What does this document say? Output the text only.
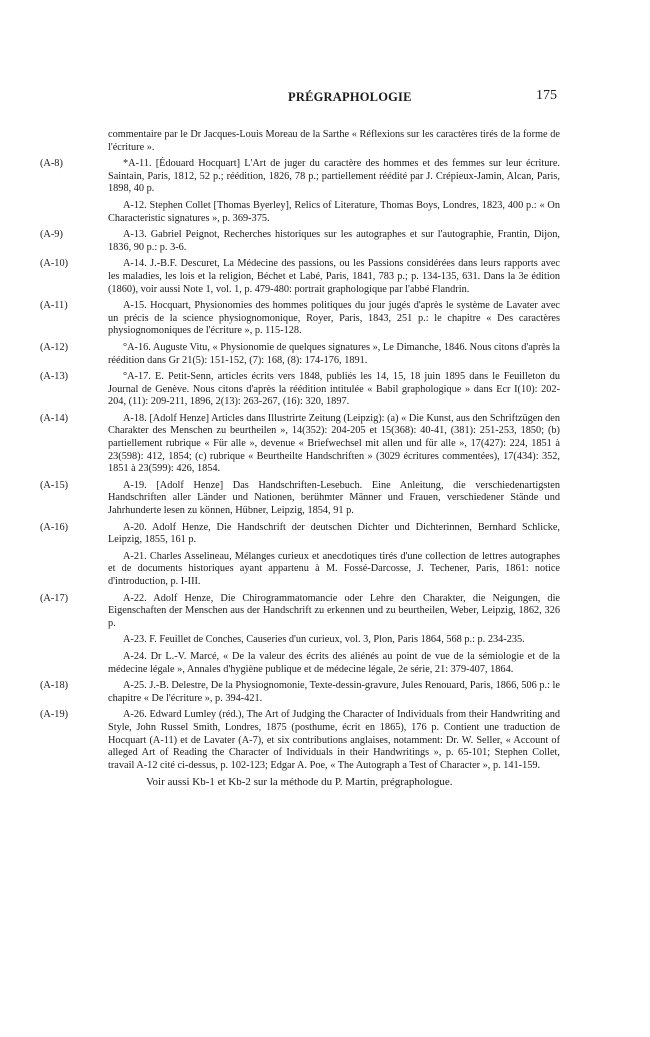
PRÉGRAPHOLOGIE	175
commentaire par le Dr Jacques-Louis Moreau de la Sarthe « Réflexions sur les caractères tirés de la forme de l'écriture ».
(A-8)	*A-11. [Édouard Hocquart] L'Art de juger du caractère des hommes et des femmes sur leur écriture. Saintain, Paris, 1812, 52 p.; réédition, 1826, 78 p.; partiellement réédité par J. Crépieux-Jamin, Alcan, Paris, 1898, 40 p.
A-12. Stephen Collet [Thomas Byerley], Relics of Literature, Thomas Boys, Londres, 1823, 400 p.: « On Characteristic signatures », p. 369-375.
(A-9)	A-13. Gabriel Peignot, Recherches historiques sur les autographes et sur l'autographie, Frantin, Dijon, 1836, 90 p.: p. 3-6.
(A-10)	A-14. J.-B.F. Descuret, La Médecine des passions, ou les Passions considérées dans leurs rapports avec les maladies, les lois et la religion, Béchet et Labé, Paris, 1841, 783 p.; p. 134-135, 631. Dans la 3e édition (1860), voir aussi Note 1, vol. 1, p. 479-480: portrait graphologique par l'abbé Flandrin.
(A-11)	A-15. Hocquart, Physionomies des hommes politiques du jour jugés d'après le système de Lavater avec un précis de la science physiognomonique, Royer, Paris, 1843, 251 p.: le chapitre « Des caractères physiognomoniques de l'écriture », p. 115-128.
(A-12)	°A-16. Auguste Vitu, « Physionomie de quelques signatures », Le Dimanche, 1846. Nous citons d'après la réédition dans Gr 21(5): 151-152, (7): 168, (8): 174-176, 1891.
(A-13)	°A-17. E. Petit-Senn, articles écrits vers 1848, publiés les 14, 15, 18 juin 1895 dans le Feuilleton du Journal de Genève. Nous citons d'après la réédition intitulée « Babil graphologique » dans Ecr I(10): 202-204, (11): 209-211, 1896, 2(13): 263-267, (16): 320, 1897.
(A-14)	A-18. [Adolf Henze] Articles dans Illustrirte Zeitung (Leipzig): (a) « Die Kunst, aus den Schriftzügen den Charakter des Menschen zu beurtheilen », 14(352): 204-205 et 15(368): 40-41, (381): 251-253, 1850; (b) partiellement rubrique « Für alle », devenue « Briefwechsel mit allen und für alle », 17(427): 224, 1851 à 23(598): 412, 1854; (c) rubrique « Beurtheilte Handschriften » (3029 écritures commentées), 17(434): 352, 1851 à 23(599): 426, 1854.
(A-15)	A-19. [Adolf Henze] Das Handschriften-Lesebuch. Eine Anleitung, die verschiedenartigsten Handschriften aller Länder und Nationen, berühmter Männer und Frauen, verschiedener Stände und Jahrhunderte lesen zu können, Hübner, Leipzig, 1854, 91 p.
(A-16)	A-20. Adolf Henze, Die Handschrift der deutschen Dichter und Dichterinnen, Bernhard Schlicke, Leipzig, 1855, 161 p.
A-21. Charles Asselineau, Mélanges curieux et anecdotiques tirés d'une collection de lettres autographes et de documents historiques ayant appartenu à M. Fossé-Darcosse, J. Techener, Paris, 1861: notice d'introduction, p. I-III.
(A-17)	A-22. Adolf Henze, Die Chirogrammatomancie oder Lehre den Charakter, die Neigungen, die Eigenschaften der Menschen aus der Handschrift zu erkennen und zu beurtheilen, Weber, Leipzig, 1862, 326 p.
A-23. F. Feuillet de Conches, Causeries d'un curieux, vol. 3, Plon, Paris 1864, 568 p.: p. 234-235.
A-24. Dr L.-V. Marcé, « De la valeur des écrits des aliénés au point de vue de la sémiologie et de la médecine légale », Annales d'hygiène publique et de médecine légale, 2e série, 21: 379-407, 1864.
(A-18)	A-25. J.-B. Delestre, De la Physiognomonie, Texte-dessin-gravure, Jules Renouard, Paris, 1866, 506 p.: le chapitre « De l'écriture », p. 394-421.
(A-19)	A-26. Edward Lumley (réd.), The Art of Judging the Character of Individuals from their Handwriting and Style, John Russel Smith, Londres, 1875 (posthume, écrit en 1865), 176 p. Contient une traduction de Hocquart (A-11) et de Lavater (A-7), et six contributions anglaises, notamment: Dr. W. Seller, « Account of alleged Art of Reading the Character of Individuals in their Handwritings », p. 65-101; Stephen Collet, travail A-12 cité ci-dessus, p. 102-123; Edgar A. Poe, « The Autograph a Test of Character », p. 141-159.
Voir aussi Kb-1 et Kb-2 sur la méthode du P. Martin, prégraphologue.
